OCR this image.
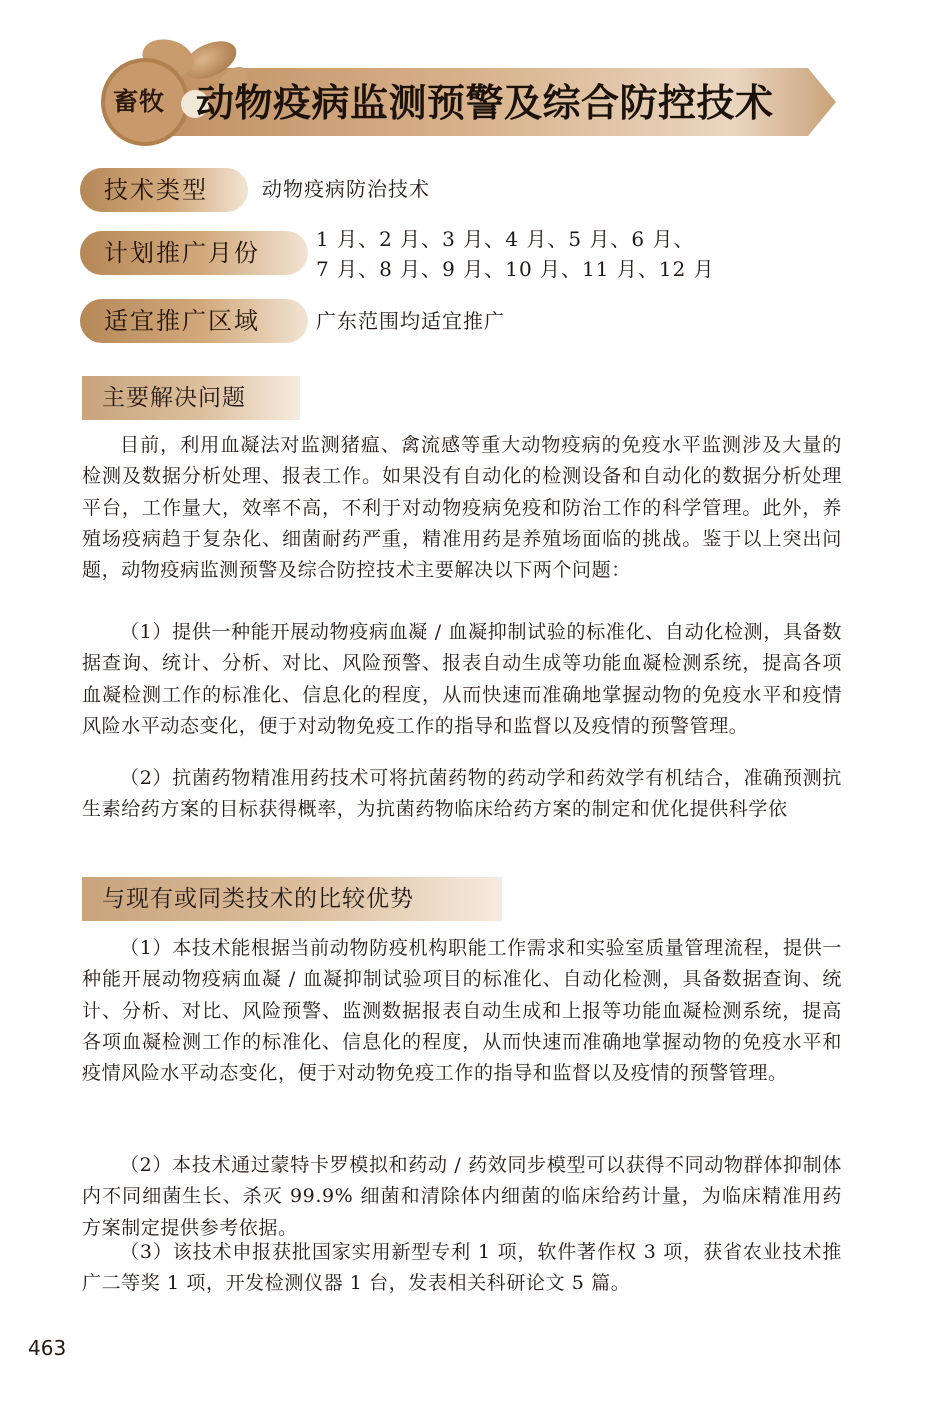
畜牧 动物疫病监测预警及综合防控技术
技术类型	动物疫病防治技术
计划推广月份	1 月、2 月、3 月、4 月、5 月、6 月、
7 月、8 月、9 月、10 月、11 月、12 月
适宜推广区域	广东范围均适宜推广
主要解决问题

目前，利用血凝法对监测猪瘟、禽流感等重大动物疫病的免疫水平监测涉及大量的检测及数据分析处理、报表工作。如果没有自动化的检测设备和自动化的数据分析处理平台，工作量大，效率不高，不利于对动物疫病免疫和防治工作的科学管理。此外，养殖场疫病趋于复杂化、细菌耐药严重，精准用药是养殖场面临的挑战。鉴于以上突出问题，动物疫病监测预警及综合防控技术主要解决以下两个问题：

（1）提供一种能开展动物疫病血凝 / 血凝抑制试验的标准化、自动化检测，具备数据查询、统计、分析、对比、风险预警、报表自动生成等功能血凝检测系统，提高各项血凝检测工作的标准化、信息化的程度，从而快速而准确地掌握动物的免疫水平和疫情风险水平动态变化，便于对动物免疫工作的指导和监督以及疫情的预警管理。

（2）抗菌药物精准用药技术可将抗菌药物的药动学和药效学有机结合，准确预测抗生素给药方案的目标获得概率，为抗菌药物临床给药方案的制定和优化提供科学依

与现有或同类技术的比较优势

（1）本技术能根据当前动物防疫机构职能工作需求和实验室质量管理流程，提供一种能开展动物疫病血凝 / 血凝抑制试验项目的标准化、自动化检测，具备数据查询、统计、分析、对比、风险预警、监测数据报表自动生成和上报等功能血凝检测系统，提高各项血凝检测工作的标准化、信息化的程度，从而快速而准确地掌握动物的免疫水平和疫情风险水平动态变化，便于对动物免疫工作的指导和监督以及疫情的预警管理。

（2）本技术通过蒙特卡罗模拟和药动 / 药效同步模型可以获得不同动物群体抑制体内不同细菌生长、杀灭 99.9% 细菌和清除体内细菌的临床给药计量，为临床精准用药方案制定提供参考依据。

（3）该技术申报获批国家实用新型专利 1 项，软件著作权 3 项，获省农业技术推广二等奖 1 项，开发检测仪器 1 台，发表相关科研论文 5 篇。

463
